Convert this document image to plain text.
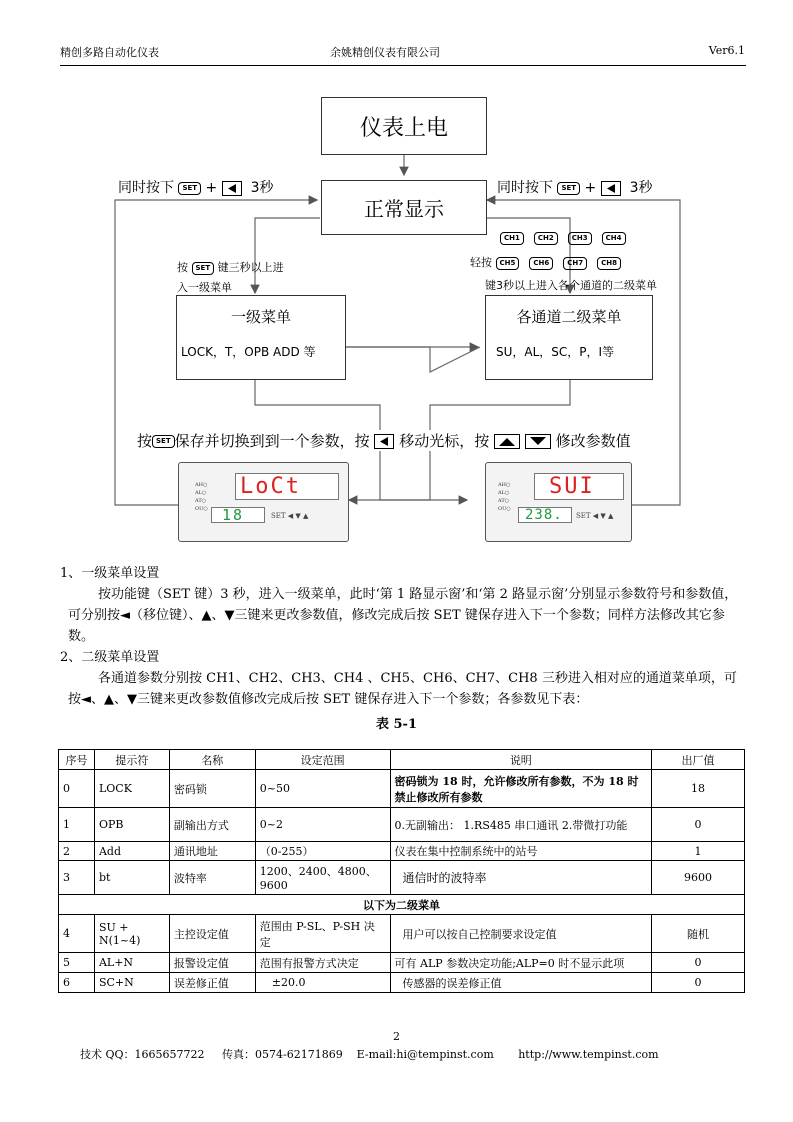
精创多路自动化仪表	余姚精创仪表有限公司	Ver6.1
仪表上电
正常显示
同时按下 SET + 3秒	同时按下 SET + 3秒
按 SET 键三秒以上进
入一级菜单
CH1	CH2	CH3	CH4
轻按 CH5	CH6	CH7	CH8
键3秒以上进入各个通道的二级菜单
一级菜单
LOCK，T，OPB ADD 等
各通道二级菜单
SU，AL，SC，P，I等
按 SET 保存并切换到到一个参数，按 移动光标，按
	修改参数值
AH○
AL○
AT○
OU○
LoCt
18	SET ◀ ▼ ▲
AH○
AL○
AT○
OU○
SUI
238.	SET ◀ ▼ ▲
1、一级菜单设置
按功能键（SET 键）3 秒，进入一级菜单，此时‘第 1 路显示窗’和‘第 2 路显示窗’分别显示参数符号和参数值，可分别按◄（移位键）、▲、▼三键来更改参数值，修改完成后按 SET 键保存进入下一个参数；同样方法修改其它参数。
2、二级菜单设置
各通道参数分别按 CH1、CH2、CH3、CH4 、CH5、CH6、CH7、CH8 三秒进入相对应的通道菜单项，可按◄、▲、▼三键来更改参数值修改完成后按 SET 键保存进入下一个参数；各参数见下表：
表 5-1
序号	提示符	名称	设定范围	说明	出厂值
0	LOCK	密码锁	0~50	密码锁为 18 时，允许修改所有参数，不为 18 时禁止修改所有参数	18
1	OPB	副输出方式	0~2	0.无副输出： 1.RS485 串口通讯 2.带微打功能	0
2	Add	通讯地址	（0-255）	仪表在集中控制系统中的站号	1
3	bt	波特率	1200、2400、4800、9600	通信时的波特率	9600
以下为二级菜单					
4	SU + N(1~4)	主控设定值	范围由 P-SL、P-SH 决定	用户可以按自己控制要求设定值	随机
5	AL+N	报警设定值	范围有报警方式决定	可有 ALP 参数决定功能;ALP=0 时不显示此项	0
6	SC+N	误差修正值	±20.0	传感器的误差修正值	0
2
技术 QQ：1665657722     传真：0574-62171869    E-mail:hi@tempinst.com       http://www.tempinst.com
